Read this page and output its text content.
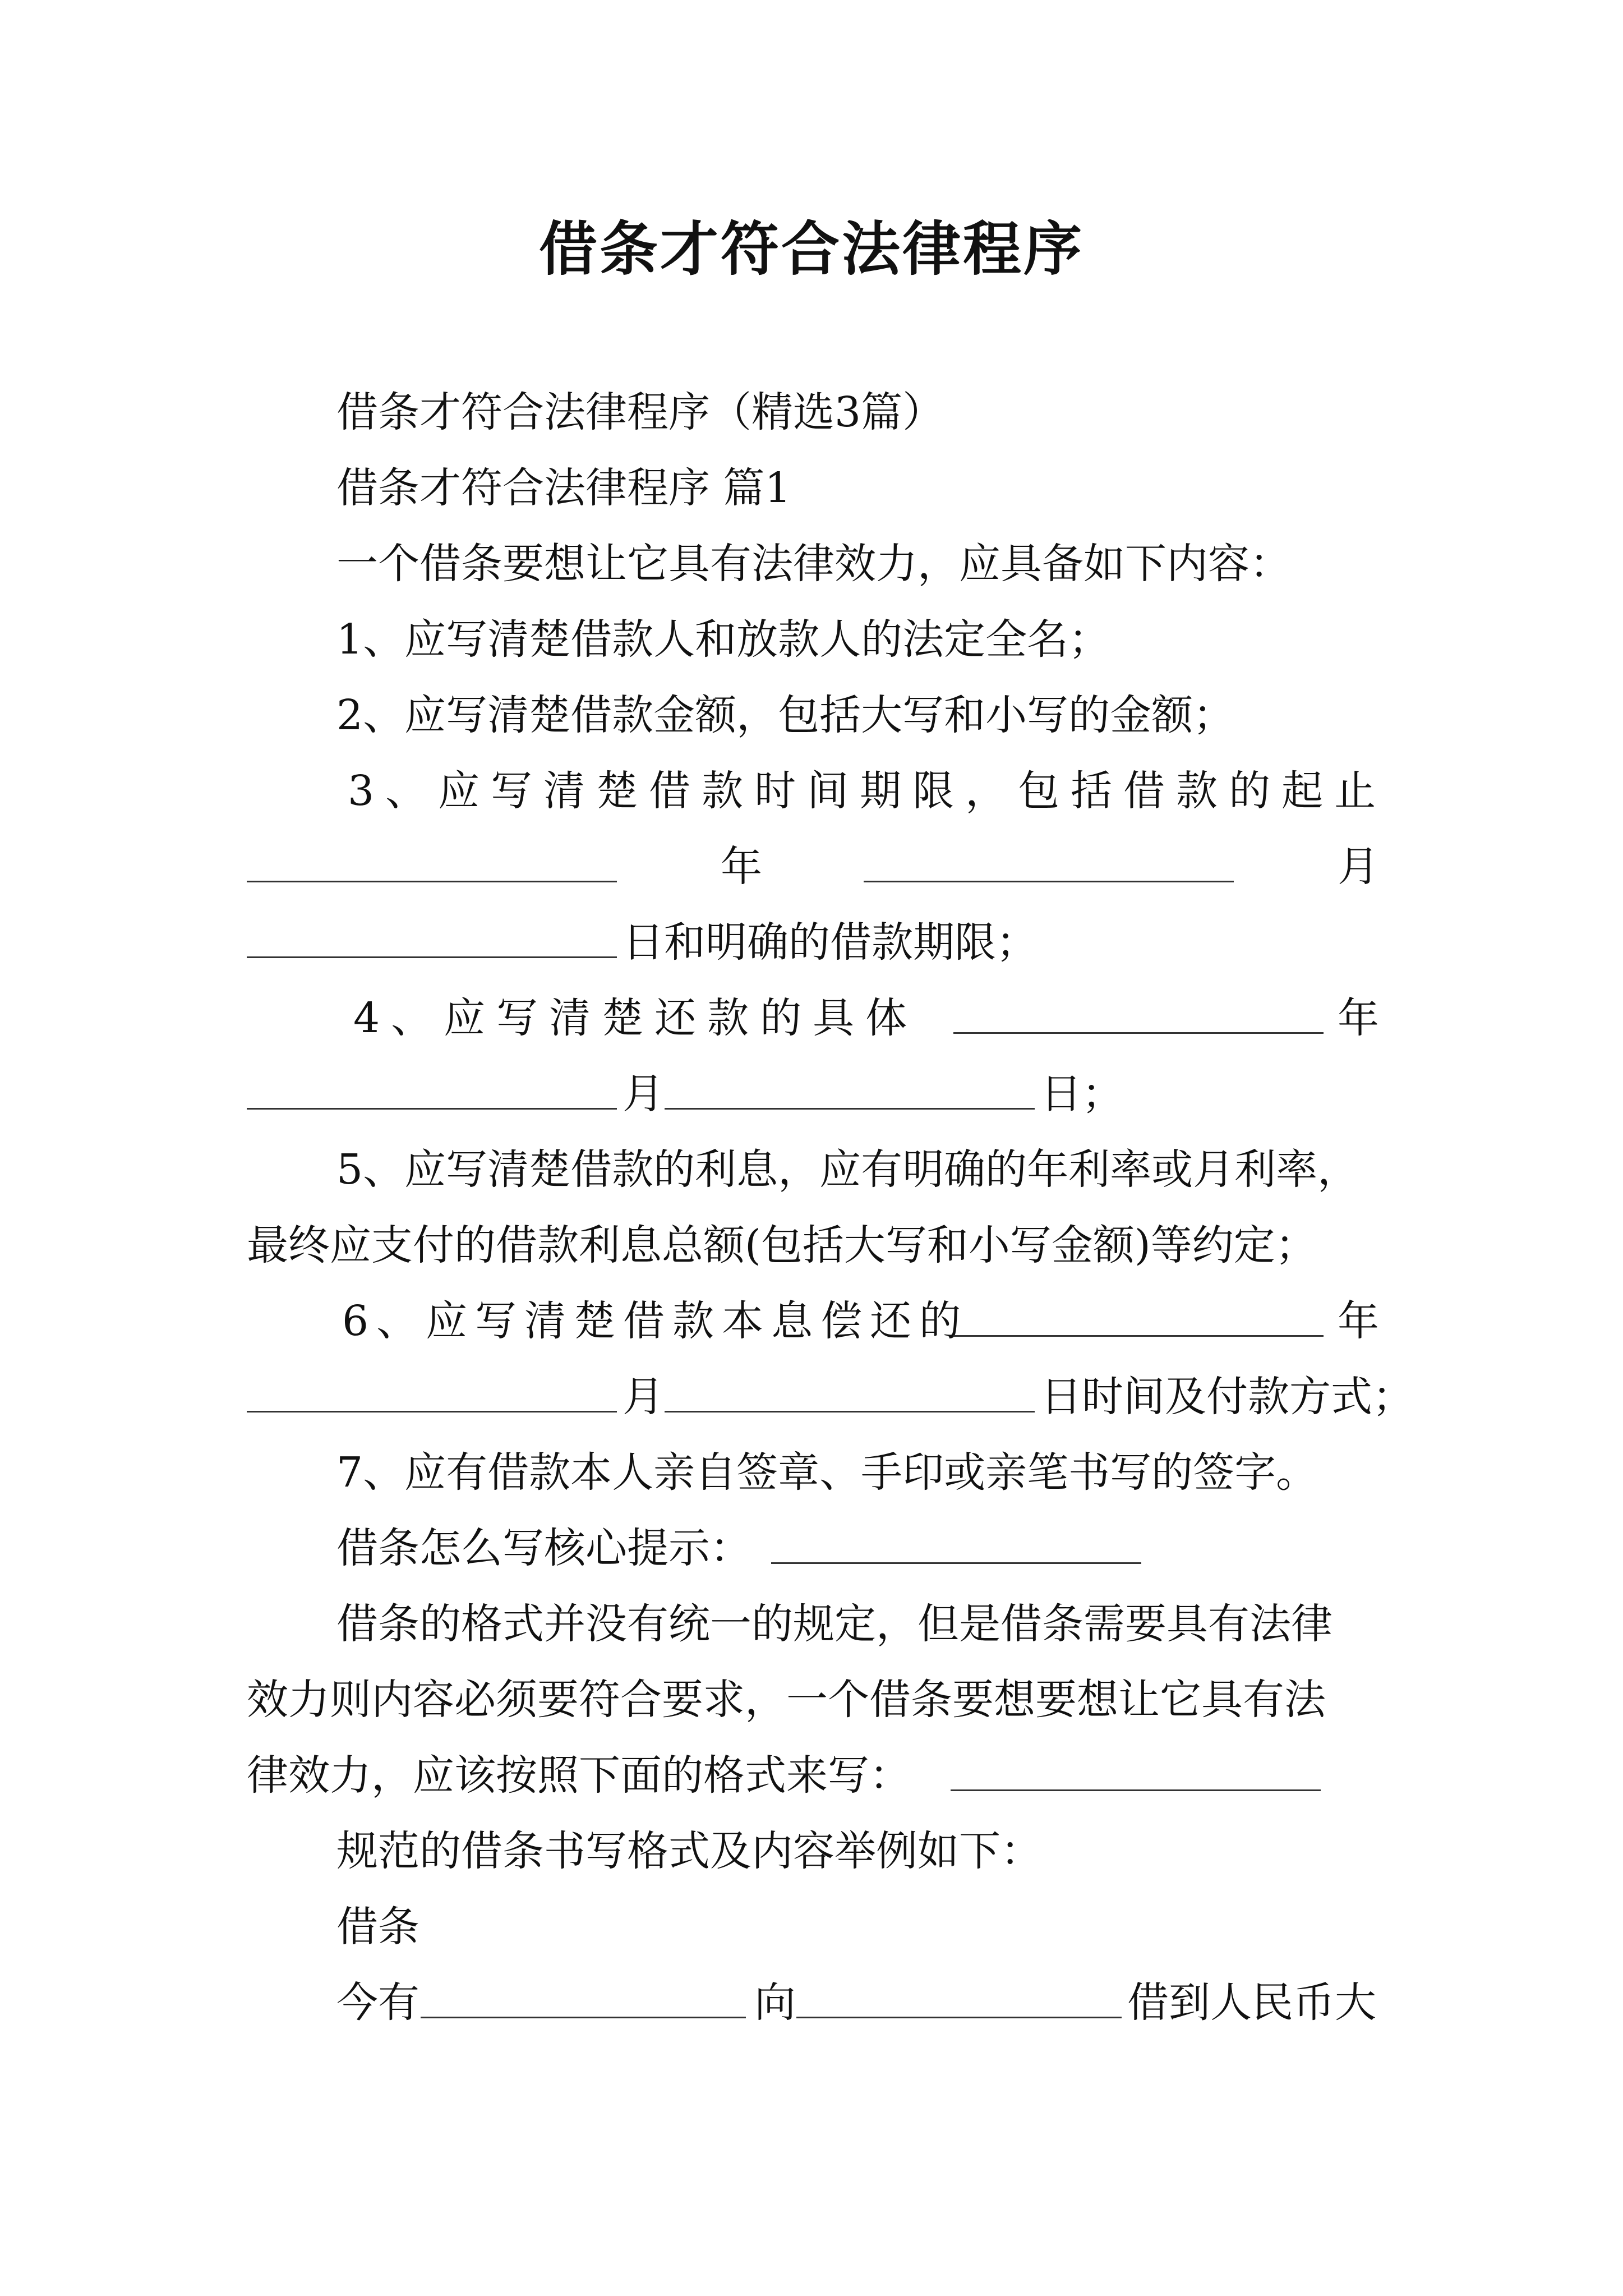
借条才符合法律程序
借条才符合法律程序（精选3篇）
借条才符合法律程序 篇1
一个借条要想让它具有法律效力，应具备如下内容：
1、应写清楚借款人和放款人的法定全名；
2、应写清楚借款金额，包括大写和小写的金额；
3、应写清楚借款时间期限，包括借款的起止
年	月
日和明确的借款期限；
4、应写清楚还款的具体	年
月	日；
5、应写清楚借款的利息，应有明确的年利率或月利率，
最终应支付的借款利息总额(包括大写和小写金额)等约定；
6、应写清楚借款本息偿还的	年
月	日时间及付款方式；
7、应有借款本人亲自签章、手印或亲笔书写的签字。
借条怎么写核心提示：
借条的格式并没有统一的规定，但是借条需要具有法律
效力则内容必须要符合要求，一个借条要想要想让它具有法
律效力，应该按照下面的格式来写：
规范的借条书写格式及内容举例如下：
借条
今有	向	借到人民币大
